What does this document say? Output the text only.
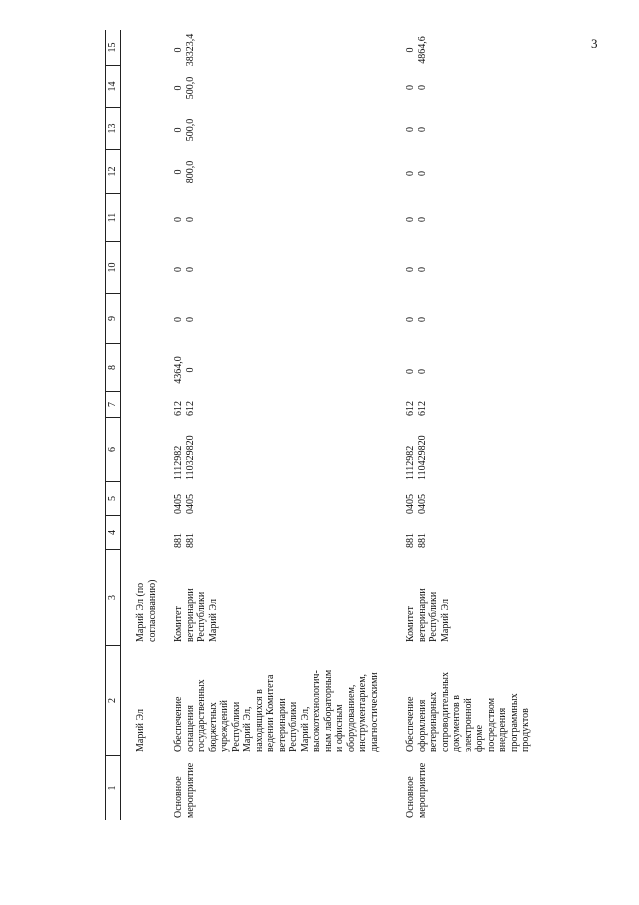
3
1
2
3
4
5
6
7
8
9
10
11
12
13
14
15
Марий Эл
Марий Эл (по
согласованию)
Основное
мероприятие
Обеспечение
оснащения
государственных
бюджетных
учреждений
Республики
Марий Эл,
находящихся в
ведении Комитета
ветеринарии
Республики
Марий Эл,
высокотехнологич-
ным лабораторным
и офисным
оборудованием,
инструментарием,
диагностическими
Комитет
ветеринарии
Республики
Марий Эл
881
881
0405
0405
1112982
110329820
612
612
4364,0
0
0
0
0
0
0
0
0
800,0
0
500,0
0
500,0
0
38323,4
Основное
мероприятие
Обеспечение
оформления
ветеринарных
сопроводительных
документов в
электронной
форме
посредством
внедрения
программных
продуктов
Комитет
ветеринарии
Республики
Марий Эл
881
881
0405
0405
1112982
110429820
612
612
0
0
0
0
0
0
0
0
0
0
0
0
0
0
0
4864,6
